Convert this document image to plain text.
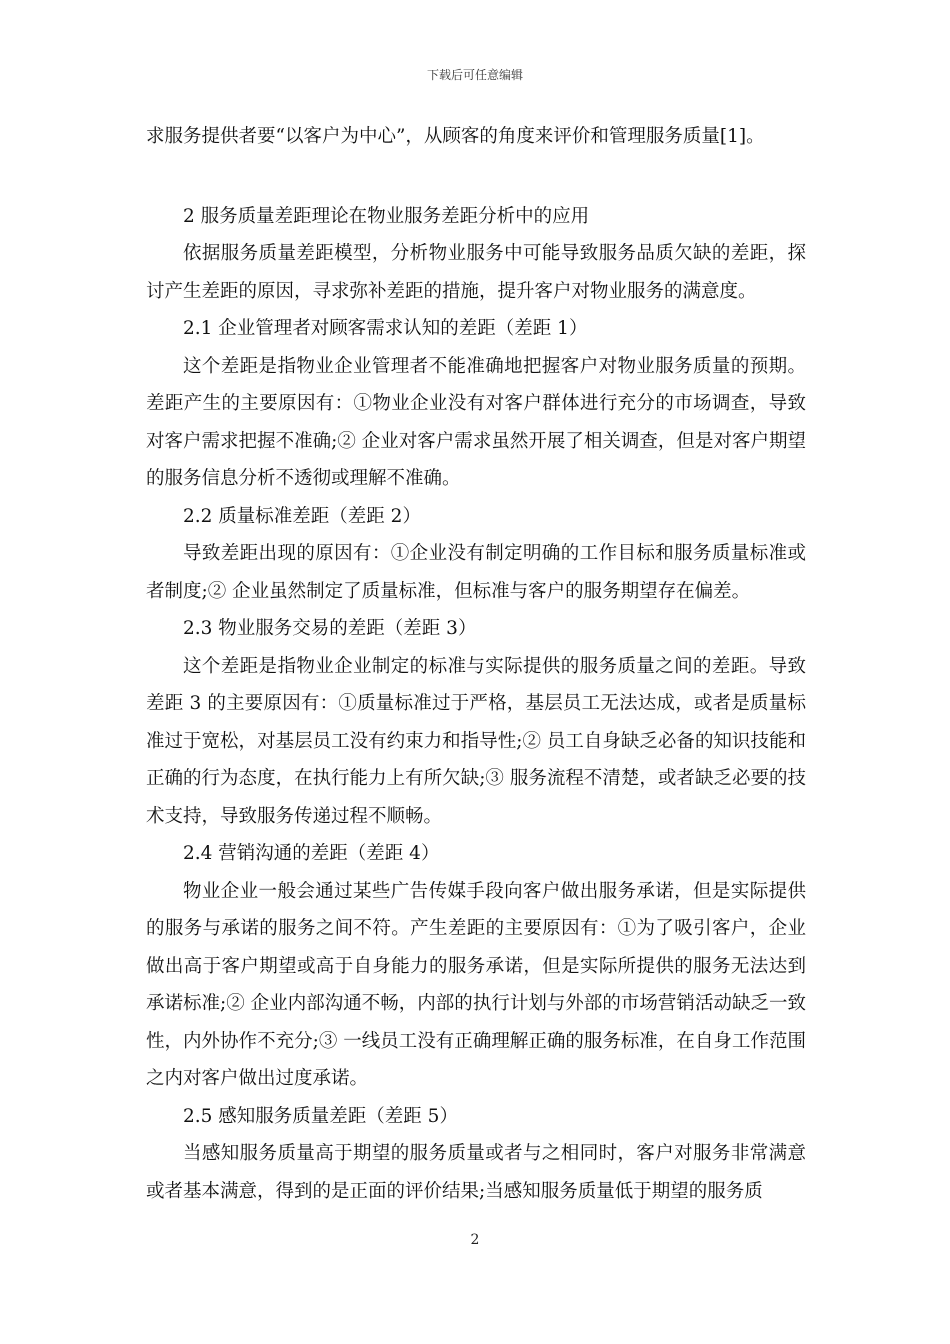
下载后可任意编辑

求服务提供者要“以客户为中心”，从顾客的角度来评价和管理服务质量[1]。

2 服务质量差距理论在物业服务差距分析中的应用

依据服务质量差距模型，分析物业服务中可能导致服务品质欠缺的差距，探讨产生差距的原因，寻求弥补差距的措施，提升客户对物业服务的满意度。

2.1 企业管理者对顾客需求认知的差距（差距 1）

这个差距是指物业企业管理者不能准确地把握客户对物业服务质量的预期。差距产生的主要原因有：①物业企业没有对客户群体进行充分的市场调查，导致对客户需求把握不准确;② 企业对客户需求虽然开展了相关调查，但是对客户期望的服务信息分析不透彻或理解不准确。

2.2 质量标准差距（差距 2）

导致差距出现的原因有：①企业没有制定明确的工作目标和服务质量标准或者制度;② 企业虽然制定了质量标准，但标准与客户的服务期望存在偏差。

2.3 物业服务交易的差距（差距 3）

这个差距是指物业企业制定的标准与实际提供的服务质量之间的差距。导致差距 3 的主要原因有：①质量标准过于严格，基层员工无法达成，或者是质量标准过于宽松，对基层员工没有约束力和指导性;② 员工自身缺乏必备的知识技能和正确的行为态度，在执行能力上有所欠缺;③ 服务流程不清楚，或者缺乏必要的技术支持，导致服务传递过程不顺畅。

2.4 营销沟通的差距（差距 4）

物业企业一般会通过某些广告传媒手段向客户做出服务承诺，但是实际提供的服务与承诺的服务之间不符。产生差距的主要原因有：①为了吸引客户，企业做出高于客户期望或高于自身能力的服务承诺，但是实际所提供的服务无法达到承诺标准;② 企业内部沟通不畅，内部的执行计划与外部的市场营销活动缺乏一致性，内外协作不充分;③ 一线员工没有正确理解正确的服务标准，在自身工作范围之内对客户做出过度承诺。

2.5 感知服务质量差距（差距 5）

当感知服务质量高于期望的服务质量或者与之相同时，客户对服务非常满意或者基本满意，得到的是正面的评价结果;当感知服务质量低于期望的服务质

2
